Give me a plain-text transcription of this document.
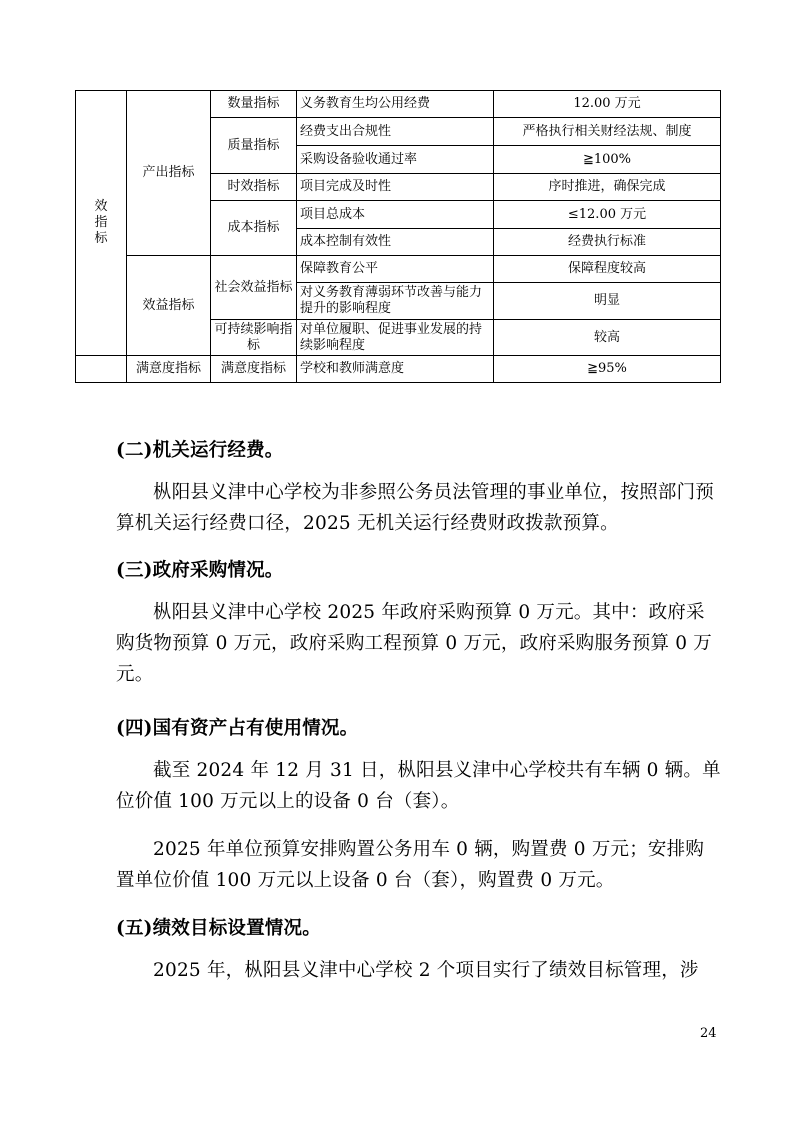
效
指
标	产出指标	数量指标	义务教育生均公用经费	12.00 万元
		质量指标	经费支出合规性	严格执行相关财经法规、制度
			采购设备验收通过率	≧100%
		时效指标	项目完成及时性	序时推进，确保完成
		成本指标	项目总成本	≤12.00 万元
			成本控制有效性	经费执行标准
	效益指标	社会效益指标	保障教育公平	保障程度较高
			对义务教育薄弱环节改善与能力提升的影响程度	明显
		可持续影响指标	对单位履职、促进事业发展的持续影响程度	较高
	满意度指标	满意度指标	学校和教师满意度	≧95%
(二)机关运行经费。
枞阳县义津中心学校为非参照公务员法管理的事业单位，按照部门预算机关运行经费口径，2025 无机关运行经费财政拨款预算。
(三)政府采购情况。
枞阳县义津中心学校 2025 年政府采购预算 0 万元。其中：政府采购货物预算 0 万元，政府采购工程预算 0 万元，政府采购服务预算 0 万元。
(四)国有资产占有使用情况。
截至 2024 年 12 月 31 日，枞阳县义津中心学校共有车辆 0 辆。单位价值 100 万元以上的设备 0 台（套）。
2025 年单位预算安排购置公务用车 0 辆，购置费 0 万元；安排购置单位价值 100 万元以上设备 0 台（套），购置费 0 万元。
(五)绩效目标设置情况。
2025 年，枞阳县义津中心学校 2 个项目实行了绩效目标管理，涉
24
